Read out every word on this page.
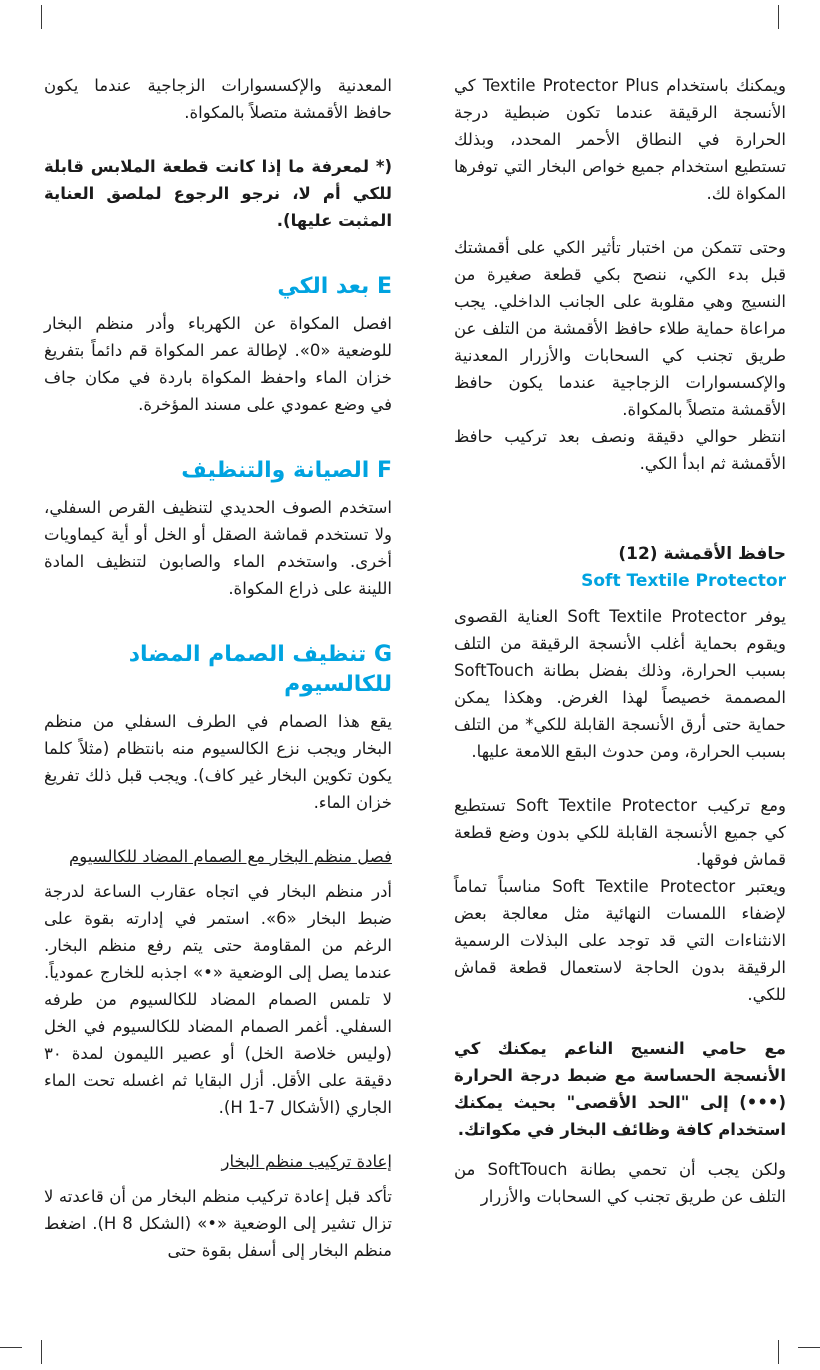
ويمكنك باستخدام Textile Protector Plus كي الأنسجة الرقيقة عندما تكون ضبطية درجة الحرارة في النطاق الأحمر المحدد، وبذلك تستطيع استخدام جميع خواص البخار التي توفرها المكواة لك.

وحتى تتمكن من اختبار تأثير الكي على أقمشتك قبل بدء الكي، ننصح بكي قطعة صغيرة من النسيج وهي مقلوبة على الجانب الداخلي. يجب مراعاة حماية طلاء حافظ الأقمشة من التلف عن طريق تجنب كي السحابات والأزرار المعدنية والإكسسوارات الزجاجية عندما يكون حافظ الأقمشة متصلاً بالمكواة.

انتظر حوالي دقيقة ونصف بعد تركيب حافظ الأقمشة ثم ابدأ الكي.

حافظ الأقمشة (12)
Soft Textile Protector

يوفر Soft Textile Protector العناية القصوى ويقوم بحماية أغلب الأنسجة الرقيقة من التلف بسبب الحرارة، وذلك بفضل بطانة SoftTouch المصممة خصيصاً لهذا الغرض. وهكذا يمكن حماية حتى أرق الأنسجة القابلة للكي* من التلف بسبب الحرارة، ومن حدوث البقع اللامعة عليها.

ومع تركيب Soft Textile Protector تستطيع كي جميع الأنسجة القابلة للكي بدون وضع قطعة قماش فوقها.

ويعتبر Soft Textile Protector مناسباً تماماً لإضفاء اللمسات النهائية مثل معالجة بعض الانثناءات التي قد توجد على البذلات الرسمية الرقيقة بدون الحاجة لاستعمال قطعة قماش للكي.

مع حامي النسيج الناعم يمكنك كي الأنسجة الحساسة مع ضبط درجة الحرارة (•••) إلى "الحد الأقصى" بحيث يمكنك استخدام كافة وظائف البخار في مكواتك.

ولكن يجب أن تحمي بطانة SoftTouch من التلف عن طريق تجنب كي السحابات والأزرار

المعدنية والإكسسوارات الزجاجية عندما يكون حافظ الأقمشة متصلاً بالمكواة.

(* لمعرفة ما إذا كانت قطعة الملابس قابلة للكي أم لا، نرجو الرجوع لملصق العناية المثبت عليها).

E بعد الكي

افصل المكواة عن الكهرباء وأدر منظم البخار للوضعية «0». لإطالة عمر المكواة قم دائماً بتفريغ خزان الماء واحفظ المكواة باردة في مكان جاف في وضع عمودي على مسند المؤخرة.

F الصيانة والتنظيف

استخدم الصوف الحديدي لتنظيف القرص السفلي، ولا تستخدم قماشة الصقل أو الخل أو أية كيماويات أخرى. واستخدم الماء والصابون لتنظيف المادة اللينة على ذراع المكواة.

G تنظيف الصمام المضاد للكالسيوم

يقع هذا الصمام في الطرف السفلي من منظم البخار ويجب نزع الكالسيوم منه بانتظام (مثلاً كلما يكون تكوين البخار غير كاف). ويجب قبل ذلك تفريغ خزان الماء.

فصل منظم البخار مع الصمام المضاد للكالسيوم

أدر منظم البخار في اتجاه عقارب الساعة لدرجة ضبط البخار «6». استمر في إدارته بقوة على الرغم من المقاومة حتى يتم رفع منظم البخار. عندما يصل إلى الوضعية «•» اجذبه للخارج عمودياً. لا تلمس الصمام المضاد للكالسيوم من طرفه السفلي. أغمر الصمام المضاد للكالسيوم في الخل (وليس خلاصة الخل) أو عصير الليمون لمدة ٣٠ دقيقة على الأقل. أزل البقايا ثم اغسله تحت الماء الجاري (الأشكال H 1-7).

إعادة تركيب منظم البخار

تأكد قبل إعادة تركيب منظم البخار من أن قاعدته لا تزال تشير إلى الوضعية «•» (الشكل H 8). اضغط منظم البخار إلى أسفل بقوة حتى
